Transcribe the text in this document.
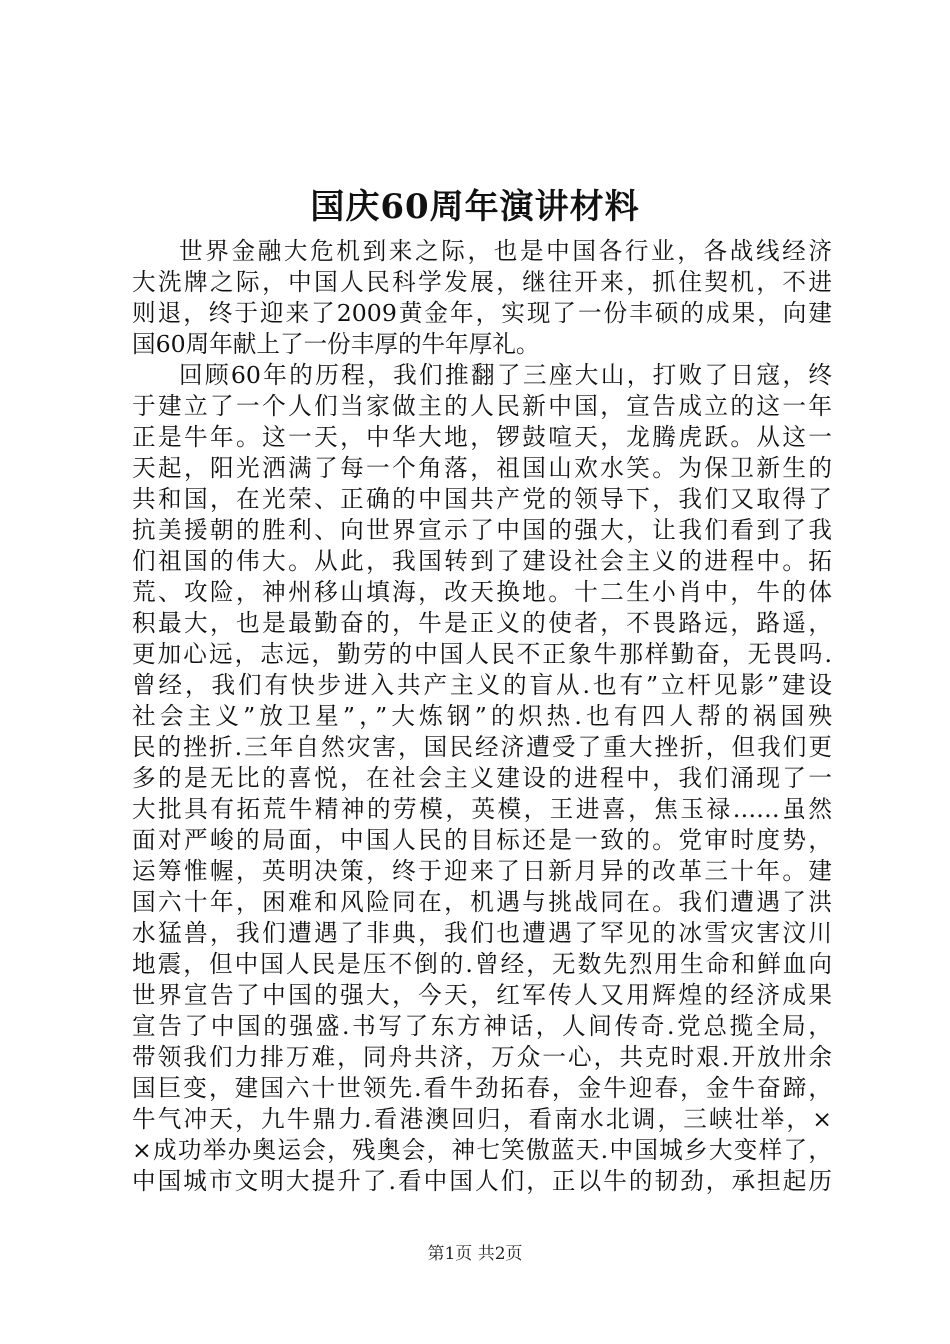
国庆60周年演讲材料
世界金融大危机到来之际，也是中国各行业，各战线经济
大洗牌之际，中国人民科学发展，继往开来，抓住契机，不进
则退，终于迎来了2009黄金年，实现了一份丰硕的成果，向建
国60周年献上了一份丰厚的牛年厚礼。
回顾60年的历程，我们推翻了三座大山，打败了日寇，终
于建立了一个人们当家做主的人民新中国，宣告成立的这一年
正是牛年。这一天，中华大地，锣鼓喧天，龙腾虎跃。从这一
天起，阳光洒满了每一个角落，祖国山欢水笑。为保卫新生的
共和国，在光荣、正确的中国共产党的领导下，我们又取得了
抗美援朝的胜利、向世界宣示了中国的强大，让我们看到了我
们祖国的伟大。从此，我国转到了建设社会主义的进程中。拓
荒、攻险，神州移山填海，改天换地。十二生小肖中，牛的体
积最大，也是最勤奋的，牛是正义的使者，不畏路远，路遥，
更加心远，志远，勤劳的中国人民不正象牛那样勤奋，无畏吗.
曾经，我们有快步进入共产主义的盲从.也有”立杆见影”建设
社会主义”放卫星”，”大炼钢”的炽热.也有四人帮的祸国殃
民的挫折.三年自然灾害，国民经济遭受了重大挫折，但我们更
多的是无比的喜悦，在社会主义建设的进程中，我们涌现了一
大批具有拓荒牛精神的劳模，英模，王进喜，焦玉禄……虽然
面对严峻的局面，中国人民的目标还是一致的。党审时度势，
运筹惟幄，英明决策，终于迎来了日新月异的改革三十年。建
国六十年，困难和风险同在，机遇与挑战同在。我们遭遇了洪
水猛兽，我们遭遇了非典，我们也遭遇了罕见的冰雪灾害汶川
地震，但中国人民是压不倒的.曾经，无数先烈用生命和鲜血向
世界宣告了中国的强大，今天，红军传人又用辉煌的经济成果
宣告了中国的强盛.书写了东方神话，人间传奇.党总揽全局，
带领我们力排万难，同舟共济，万众一心，共克时艰.开放卅余
国巨变，建国六十世领先.看牛劲拓春，金牛迎春，金牛奋蹄，
牛气冲天，九牛鼎力.看港澳回归，看南水北调，三峡壮举，×
×成功举办奥运会，残奥会，神七笑傲蓝天.中国城乡大变样了，
中国城市文明大提升了.看中国人们，正以牛的韧劲，承担起历
第1页 共2页
